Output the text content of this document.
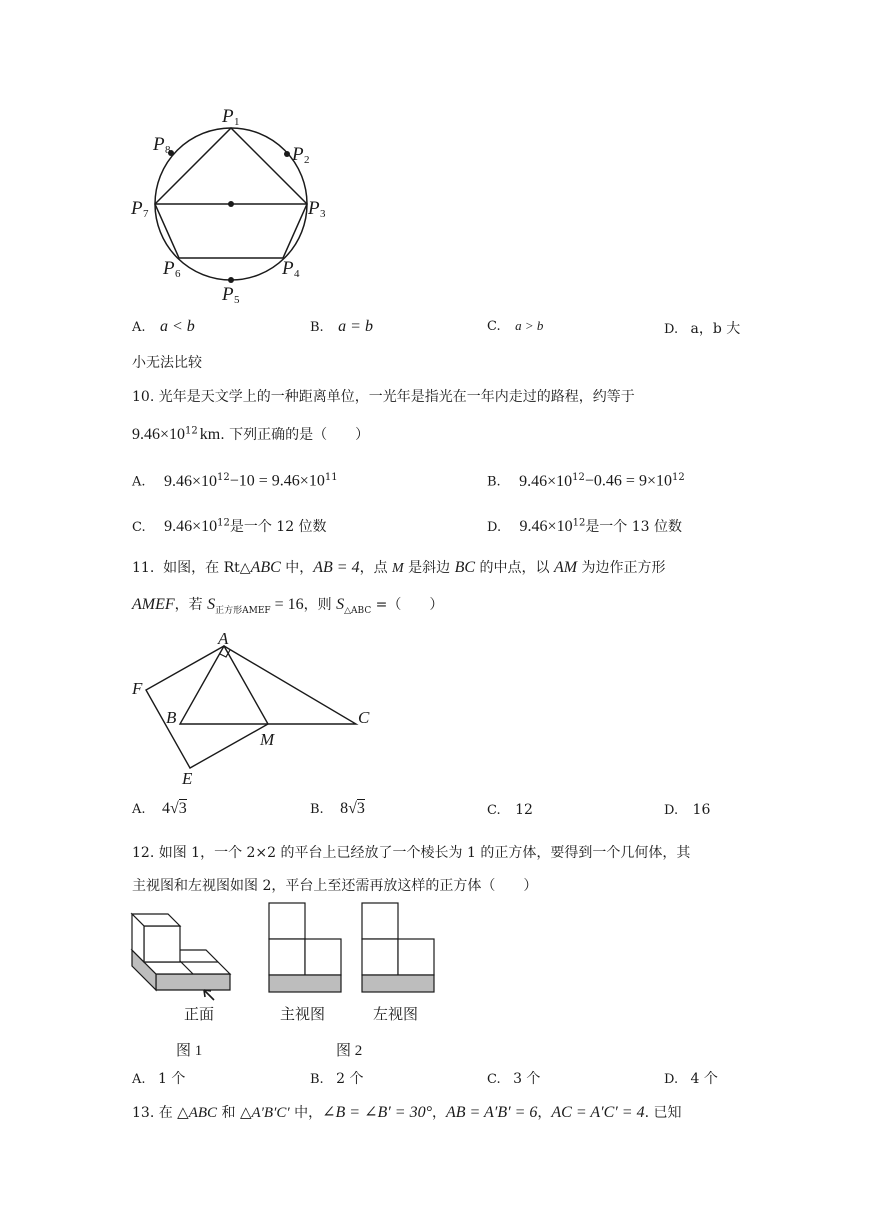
P
P
P
P
P
P
P
P
1
2
3
4
5
6
7
8
A. a < b	B. a = b	C. a > b	D. a，b 大
小无法比较
10. 光年是天文学上的一种距离单位，一光年是指光在一年内走过的路程，约等于
$9.46\times 10^{12}$ km. 下列正确的是（　　）
A. $9.46\times 10^{12}-10 = 9.46\times 10^{11}$	B. $9.46\times 10^{12}-0.46 = 9\times 10^{12}$
C. $9.46\times 10^{12}$是一个 12 位数	D. $9.46\times 10^{12}$是一个 13 位数
11. 如图，在 Rt△ABC 中，AB = 4，点 M 是斜边 BC 的中点，以 AM 为边作正方形
AMEF，若 $S_{正方形AMEF} = 16$，则 $S_{\triangle ABC}$ =（　　）
A
B	C
F
M
E
A. 4√3	B. 8√3	C. 12	D. 16
12. 如图 1，一个 2×2 的平台上已经放了一个棱长为 1 的正方体，要得到一个几何体，其
主视图和左视图如图 2，平台上至还需再放这样的正方体（　　）
正面	主视图	左视图
图 1	图 2
A. 1 个	B. 2 个	C. 3 个	D. 4 个
13. 在 △ABC 和 △A′B′C′ 中，∠B = ∠B′ = 30°，AB = A′B′ = 6，AC = A′C′ = 4. 已知
